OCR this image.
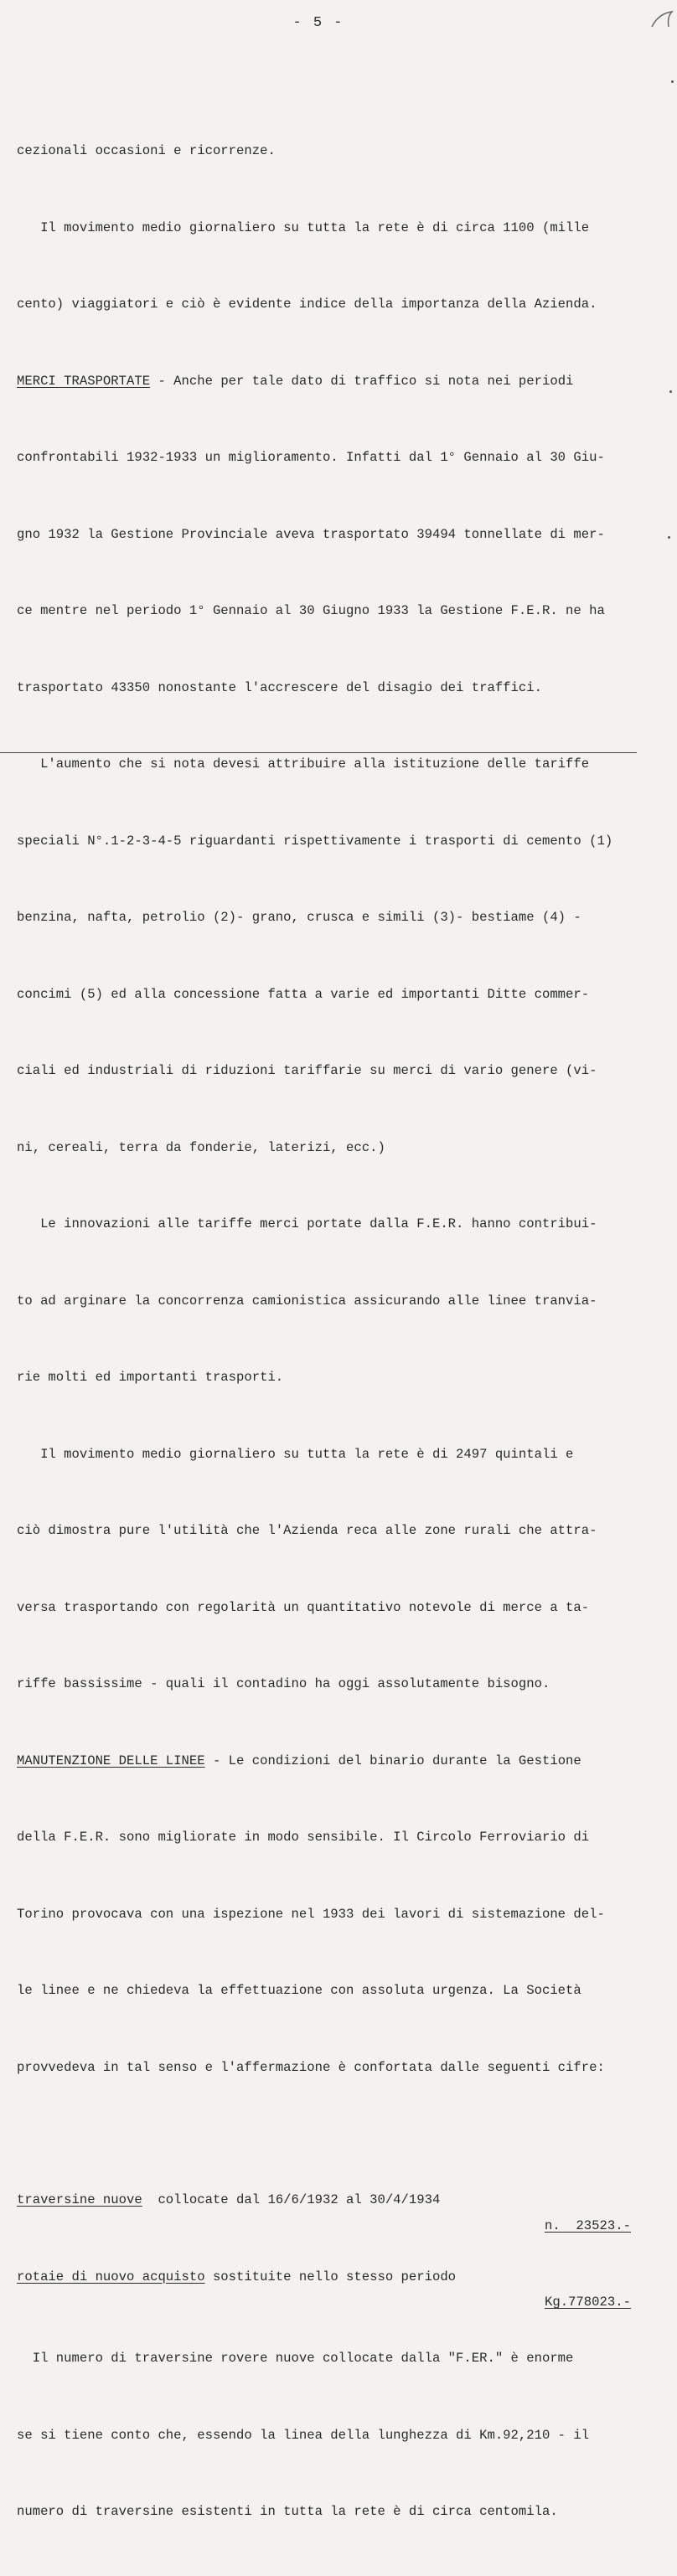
- 5 -

cezionali occasioni e ricorrenze.

Il movimento medio giornaliero su tutta la rete è di circa 1100 (mille

cento) viaggiatori e ciò è evidente indice della importanza della Azienda.

MERCI TRASPORTATE - Anche per tale dato di traffico si nota nei periodi

confrontabili 1932-1933 un miglioramento. Infatti dal 1° Gennaio al 30 Giu-

gno 1932 la Gestione Provinciale aveva trasportato 39494 tonnellate di mer-

ce mentre nel periodo 1° Gennaio al 30 Giugno 1933 la Gestione F.E.R. ne ha

trasportato 43350 nonostante l'accrescere del disagio dei traffici.

L'aumento che si nota devesi attribuire alla istituzione delle tariffe

speciali N°.1-2-3-4-5 riguardanti rispettivamente i trasporti di cemento (1)

benzina, nafta, petrolio (2)- grano, crusca e simili (3)- bestiame (4) -

concimi (5) ed alla concessione fatta a varie ed importanti Ditte commer-

ciali ed industriali di riduzioni tariffarie su merci di vario genere (vi-

ni, cereali, terra da fonderie, laterizi, ecc.)

Le innovazioni alle tariffe merci portate dalla F.E.R. hanno contribui-

to ad arginare la concorrenza camionistica assicurando alle linee tranvia-

rie molti ed importanti trasporti.

Il movimento medio giornaliero su tutta la rete è di 2497 quintali e

ciò dimostra pure l'utilità che l'Azienda reca alle zone rurali che attra-

versa trasportando con regolarità un quantitativo notevole di merce a ta-

riffe bassissime - quali il contadino ha oggi assolutamente bisogno.

MANUTENZIONE DELLE LINEE - Le condizioni del binario durante la Gestione

della F.E.R. sono migliorate in modo sensibile. Il Circolo Ferroviario di

Torino provocava con una ispezione nel 1933 dei lavori di sistemazione del-

le linee e ne chiedeva la effettuazione con assoluta urgenza. La Società

provvedeva in tal senso e l'affermazione è confortata dalle seguenti cifre:

traversine nuove  collocate dal 16/6/1932 al 30/4/1934

n.  23523.-

rotaie di nuovo acquisto sostituite nello stesso periodo

Kg.778023.-

Il numero di traversine rovere nuove collocate dalla "F.ER." è enorme

se si tiene conto che, essendo la linea della lunghezza di Km.92,210 - il

numero di traversine esistenti in tutta la rete è di circa centomila.
